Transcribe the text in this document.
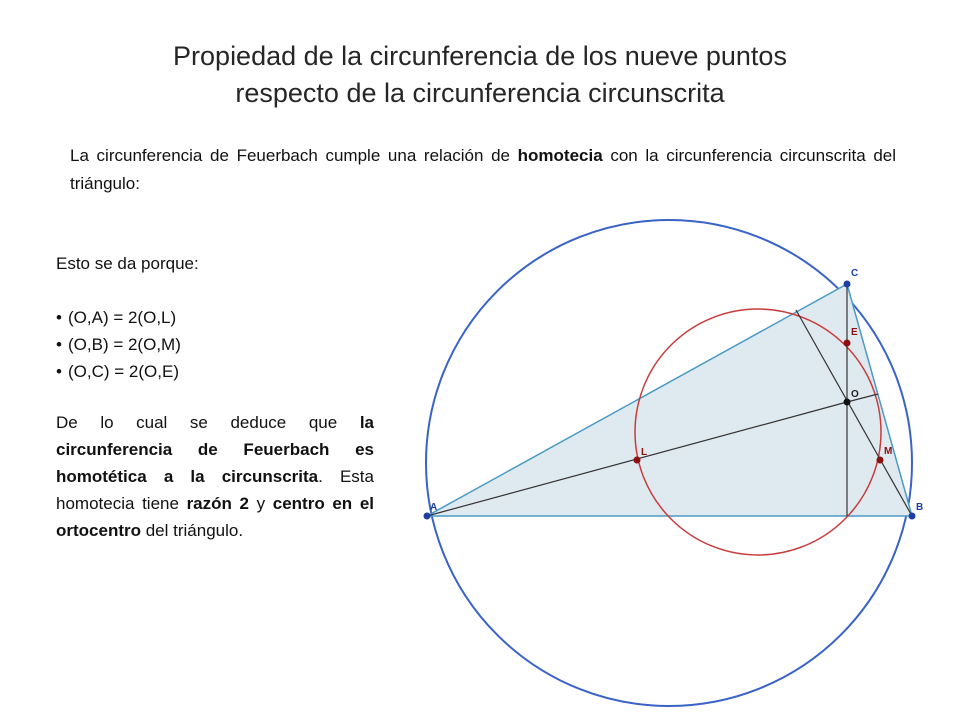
Propiedad de la circunferencia de los nueve puntos
respecto de la circunferencia circunscrita
La circunferencia de Feuerbach cumple una relación de homotecia con la circunferencia circunscrita del triángulo:

Esto se da porque:

• (O,A) = 2(O,L)
• (O,B) = 2(O,M)
• (O,C) = 2(O,E)

De lo cual se deduce que la circunferencia de Feuerbach es homotética a la circunscrita. Esta homotecia tiene razón 2 y centro en el ortocentro del triángulo.

A	B
C
E
O
L	M
